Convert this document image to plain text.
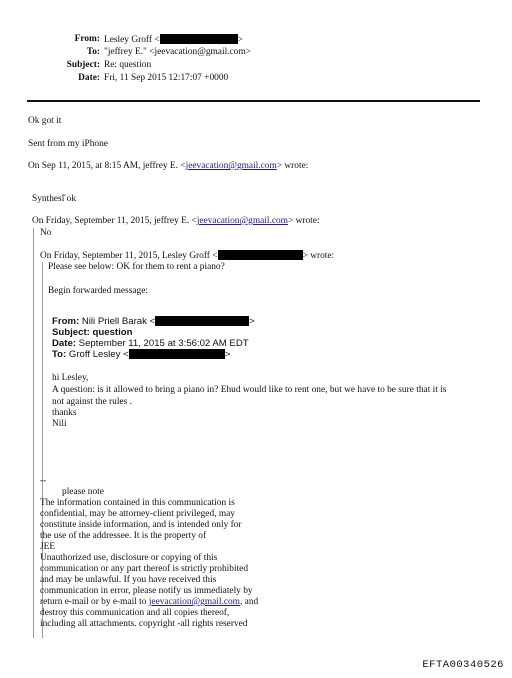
From: Lesley Groff <	>
To: "jeffrey E." <jeevacation@gmail.com>
Subject: Re: question
Date: Fri, 11 Sep 2015 12:17:07 +0000
Ok got it
Sent from my iPhone
On Sep 11, 2015, at 8:15 AM, jeffrey E. <jeevacation@gmail.com> wrote:
Synthesĭ̆ ok
On Friday, September 11, 2015, jeffrey E. <jeevacation@gmail.com> wrote:
No
On Friday, September 11, 2015, Lesley Groff <	> wrote:
Please see below: OK for them to rent a piano?
Begin forwarded message:
From: Nili Priell Barak <	>
Subject: question
Date: September 11, 2015 at 3:56:02 AM EDT
To: Groff Lesley <	>
hi Lesley,
A question: is it allowed to bring a piano in? Ehud would like to rent one, but we have to be sure that it is
not against the rules .
thanks
Nili
--
please note
The information contained in this communication is
confidential, may be attorney-client privileged, may
constitute inside information, and is intended only for
the use of the addressee. It is the property of
JEE
Unauthorized use, disclosure or copying of this
communication or any part thereof is strictly prohibited
and may be unlawful. If you have received this
communication in error, please notify us immediately by
return e-mail or by e-mail to jeevacation@gmail.com, and
destroy this communication and all copies thereof,
including all attachments. copyright -all rights reserved
EFTA00340526
